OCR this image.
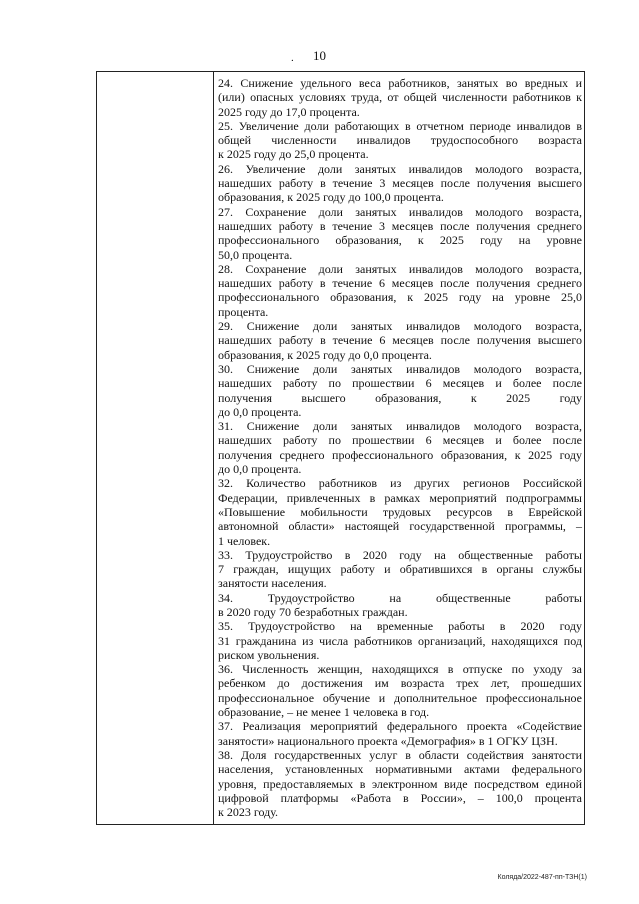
10
.

24. Снижение удельного веса работников, занятых во вредных и
(или) опасных условиях труда, от общей численности работников к
2025 году до 17,0 процента.

25. Увеличение доли работающих в отчетном периоде инвалидов в
общей численности инвалидов трудоспособного возраста
к 2025 году до 25,0 процента.

26. Увеличение доли занятых инвалидов молодого возраста,
нашедших работу в течение 3 месяцев после получения высшего
образования, к 2025 году до 100,0 процента.

27. Сохранение доли занятых инвалидов молодого возраста,
нашедших работу в течение 3 месяцев после получения среднего
профессионального образования, к 2025 году на уровне
50,0 процента.

28. Сохранение доли занятых инвалидов молодого возраста,
нашедших работу в течение 6 месяцев после получения среднего
профессионального образования, к 2025 году на уровне 25,0
процента.

29. Снижение доли занятых инвалидов молодого возраста,
нашедших работу в течение 6 месяцев после получения высшего
образования, к 2025 году до 0,0 процента.

30. Снижение доли занятых инвалидов молодого возраста,
нашедших работу по прошествии 6 месяцев и более после
получения высшего образования, к 2025 году
до 0,0 процента.

31. Снижение доли занятых инвалидов молодого возраста,
нашедших работу по прошествии 6 месяцев и более после
получения среднего профессионального образования, к 2025 году
до 0,0 процента.

32. Количество работников из других регионов Российской
Федерации, привлеченных в рамках мероприятий подпрограммы
«Повышение мобильности трудовых ресурсов в Еврейской
автономной области» настоящей государственной программы, –
1 человек.

33. Трудоустройство в 2020 году на общественные работы
7 граждан, ищущих работу и обратившихся в органы службы
занятости населения.

34. Трудоустройство на общественные работы
в 2020 году 70 безработных граждан.

35. Трудоустройство на временные работы в 2020 году
31 гражданина из числа работников организаций, находящихся под
риском увольнения.

36. Численность женщин, находящихся в отпуске по уходу за
ребенком до достижения им возраста трех лет, прошедших
профессиональное обучение и дополнительное профессиональное
образование, – не менее 1 человека в год.

37. Реализация мероприятий федерального проекта «Содействие
занятости» национального проекта «Демография» в 1 ОГКУ ЦЗН.

38. Доля государственных услуг в области содействия занятости
населения, установленных нормативными актами федерального
уровня, предоставляемых в электронном виде посредством единой
цифровой платформы «Работа в России», – 100,0 процента
к 2023 году.

Коляда/2022-487-пп-ТЗН(1)
